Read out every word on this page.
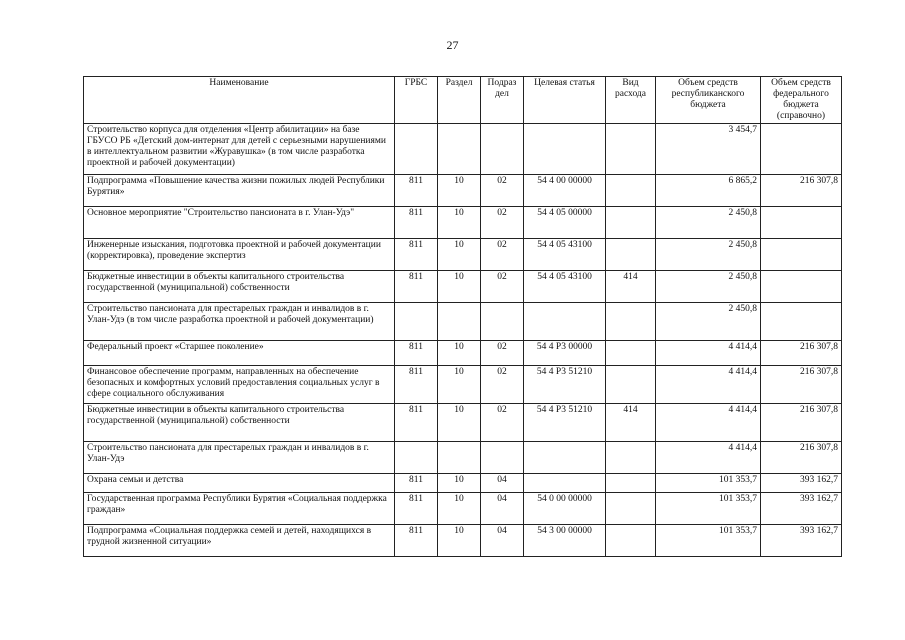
27
Наименование	ГРБС	Раздел	Подраз дел	Целевая статья	Вид расхода	Объем средств республиканского бюджета	Объем средств федерального бюджета (справочно)
Строительство корпуса для отделения «Центр абилитации» на базе ГБУСО РБ «Детский дом-интернат для детей с серьезными нарушениями в интеллектуальном развитии «Журавушка» (в том числе разработка проектной и рабочей документации)						3 454,7	
Подпрограмма «Повышение качества жизни пожилых людей Республики Бурятия»	811	10	02	54 4 00 00000		6 865,2	216 307,8
Основное мероприятие "Строительство пансионата в г. Улан-Удэ"	811	10	02	54 4 05 00000		2 450,8	
Инженерные изыскания, подготовка проектной и рабочей документации (корректировка), проведение экспертиз	811	10	02	54 4 05 43100		2 450,8	
Бюджетные инвестиции в объекты капитального строительства государственной (муниципальной) собственности	811	10	02	54 4 05 43100	414	2 450,8	
Строительство пансионата для престарелых граждан и инвалидов в г. Улан-Удэ (в том числе разработка проектной и рабочей документации)						2 450,8	
Федеральный проект «Старшее поколение»	811	10	02	54 4 P3 00000		4 414,4	216 307,8
Финансовое обеспечение программ, направленных на обеспечение безопасных и комфортных условий предоставления социальных услуг в сфере социального обслуживания	811	10	02	54 4 P3 51210		4 414,4	216 307,8
Бюджетные инвестиции в объекты капитального строительства государственной (муниципальной) собственности	811	10	02	54 4 P3 51210	414	4 414,4	216 307,8
Строительство пансионата для престарелых граждан и инвалидов в г. Улан-Удэ						4 414,4	216 307,8
Охрана семьи и детства	811	10	04			101 353,7	393 162,7
Государственная программа Республики Бурятия «Социальная поддержка граждан»	811	10	04	54 0 00 00000		101 353,7	393 162,7
Подпрограмма «Социальная поддержка семей и детей, находящихся в трудной жизненной ситуации»	811	10	04	54 3 00 00000		101 353,7	393 162,7
